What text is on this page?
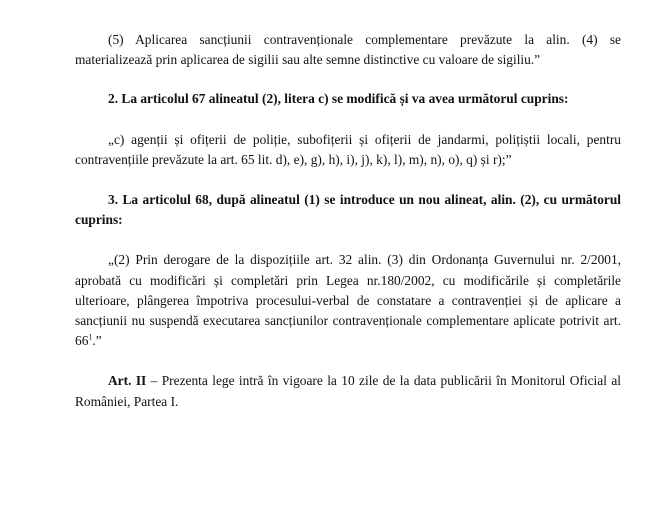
(5) Aplicarea sancțiunii contravenționale complementare prevăzute la alin. (4) se materializează prin aplicarea de sigilii sau alte semne distinctive cu valoare de sigiliu.”

2. La articolul 67 alineatul (2), litera c) se modifică și va avea următorul cuprins:

„c) agenții și ofițerii de poliție, subofițerii și ofițerii de jandarmi, polițiștii locali, pentru contravențiile prevăzute la art. 65 lit. d), e), g), h), i), j), k), l), m), n), o), q) și r);”

3. La articolul 68, după alineatul (1) se introduce un nou alineat, alin. (2), cu următorul cuprins:

„(2) Prin derogare de la dispozițiile art. 32 alin. (3) din Ordonanța Guvernului nr. 2/2001, aprobată cu modificări și completări prin Legea nr.180/2002, cu modificările și completările ulterioare, plângerea împotriva procesului-verbal de constatare a contravenției și de aplicare a sancțiunii nu suspendă executarea sancțiunilor contravenționale complementare aplicate potrivit art. $66^1$.”

Art. II – Prezenta lege intră în vigoare la 10 zile de la data publicării în Monitorul Oficial al României, Partea I.
